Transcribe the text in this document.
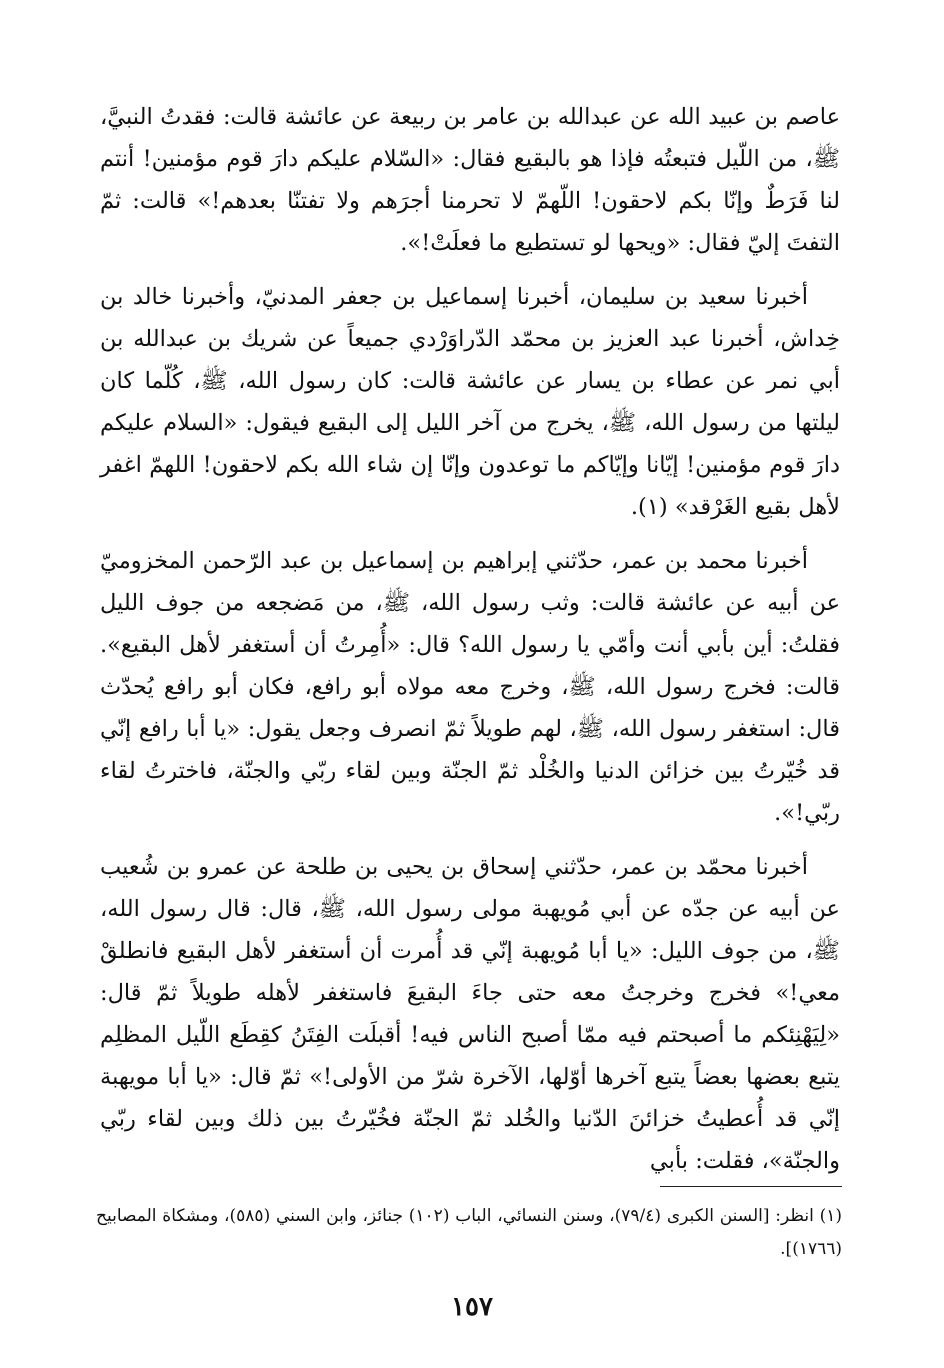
عاصم بن عبيد الله عن عبدالله بن عامر بن ربيعة عن عائشة قالت: فقدتُ النبيَّ، ﷺ، من اللّيل فتبعتُه فإذا هو بالبقيع فقال: «السّلام عليكم دارَ قوم مؤمنين! أنتم لنا فَرَطٌ وإنّا بكم لاحقون! اللّهمّ لا تحرمنا أجرَهم ولا تفتنّا بعدهم!» قالت: ثمّ التفتَ إليّ فقال: «ويحها لو تستطيع ما فعلَتْ!».

أخبرنا سعيد بن سليمان، أخبرنا إسماعيل بن جعفر المدنيّ، وأخبرنا خالد بن خِداش، أخبرنا عبد العزيز بن محمّد الدّراوَرْدي جميعاً عن شريك بن عبدالله بن أبي نمر عن عطاء بن يسار عن عائشة قالت: كان رسول الله، ﷺ، كُلّما كان ليلتها من رسول الله، ﷺ، يخرج من آخر الليل إلى البقيع فيقول: «السلام عليكم دارَ قوم مؤمنين! إيّانا وإيّاكم ما توعدون وإنّا إن شاء الله بكم لاحقون! اللهمّ اغفر لأهل بقيع الغَرْقد» (١).

أخبرنا محمد بن عمر، حدّثني إبراهيم بن إسماعيل بن عبد الرّحمن المخزوميّ عن أبيه عن عائشة قالت: وثب رسول الله، ﷺ، من مَضجعه من جوف الليل فقلتُ: أين بأبي أنت وأمّي يا رسول الله؟ قال: «أُمِرتُ أن أستغفر لأهل البقيع». قالت: فخرج رسول الله، ﷺ، وخرج معه مولاه أبو رافع، فكان أبو رافع يُحدّث قال: استغفر رسول الله، ﷺ، لهم طويلاً ثمّ انصرف وجعل يقول: «يا أبا رافع إنّي قد خُيّرتُ بين خزائن الدنيا والخُلْد ثمّ الجنّة وبين لقاء ربّي والجنّة، فاخترتُ لقاء ربّي!».

أخبرنا محمّد بن عمر، حدّثني إسحاق بن يحيى بن طلحة عن عمرو بن شُعيب عن أبيه عن جدّه عن أبي مُويهبة مولى رسول الله، ﷺ، قال: قال رسول الله، ﷺ، من جوف الليل: «يا أبا مُويهبة إنّي قد أُمرت أن أستغفر لأهل البقيع فانطلقْ معي!» فخرج وخرجتُ معه حتى جاءَ البقيعَ فاستغفر لأهله طويلاً ثمّ قال: «لِيَهْنِئكم ما أصبحتم فيه ممّا أصبح الناس فيه! أقبلَت الفِتَنُ كقِطَع اللّيل المظلِم يتبع بعضها بعضاً يتبع آخرها أوّلها، الآخرة شرّ من الأولى!» ثمّ قال: «يا أبا مويهبة إنّي قد أُعطيتُ خزائنَ الدّنيا والخُلد ثمّ الجنّة فخُيّرتُ بين ذلك وبين لقاء ربّي والجنّة»، فقلت: بأبي

(١) انظر: [السنن الكبرى (٧٩/٤)، وسنن النسائي، الباب (١٠٢) جنائز، وابن السني (٥٨٥)، ومشكاة المصابيح (١٧٦٦)].

١٥٧
